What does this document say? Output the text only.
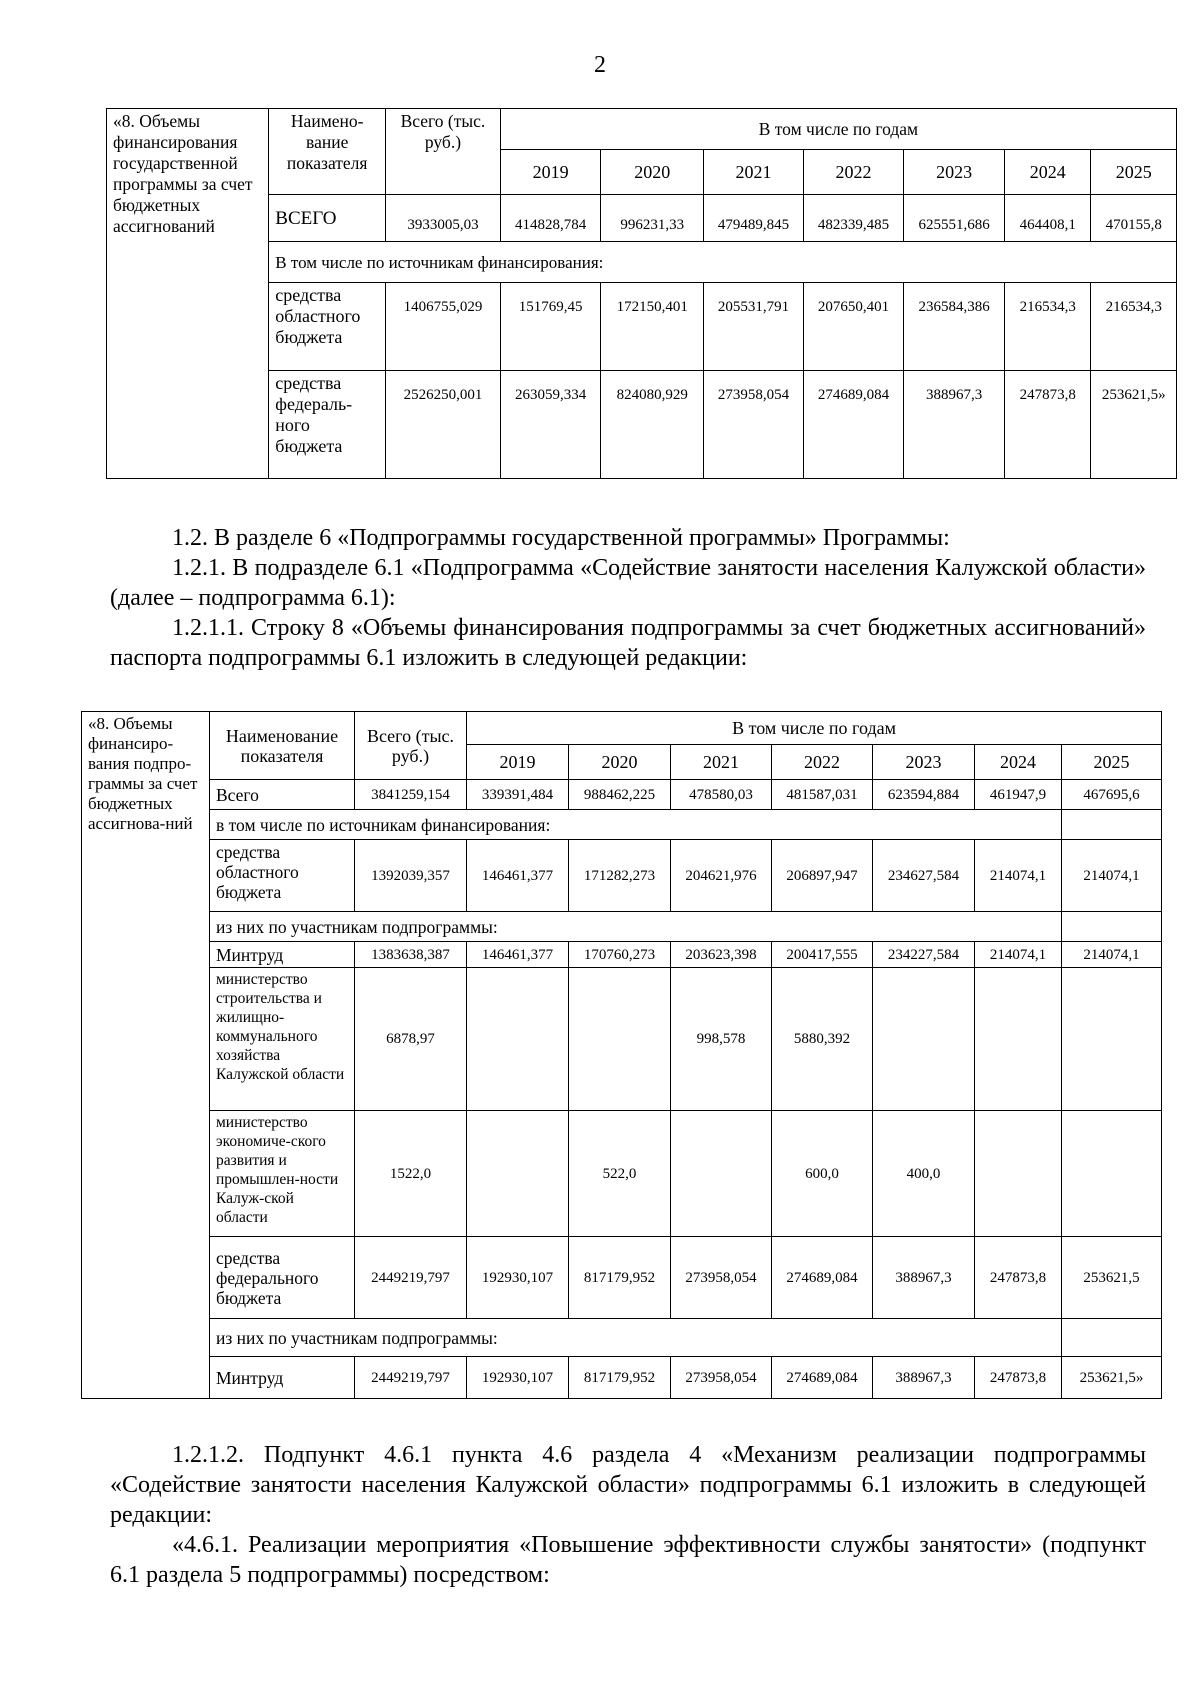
2
«8. Объемы финансирования государственной программы за счет бюджетных ассигнований	Наимено-вание показателя	Всего (тыс. руб.)	В том числе по годам						
			2019	2020	2021	2022	2023	2024	2025
	ВСЕГО	3933005,03	414828,784	996231,33	479489,845	482339,485	625551,686	464408,1	470155,8
	В том числе по источникам финансирования:								
	средства областного бюджета	1406755,029	151769,45	172150,401	205531,791	207650,401	236584,386	216534,3	216534,3
	средства федераль-ного бюджета	2526250,001	263059,334	824080,929	273958,054	274689,084	388967,3	247873,8	253621,5»
1.2. В разделе 6 «Подпрограммы государственной программы» Программы:
1.2.1. В подразделе 6.1 «Подпрограмма «Содействие занятости населения Калужской области» (далее – подпрограмма 6.1):
1.2.1.1. Строку 8 «Объемы финансирования подпрограммы за счет бюджетных ассигнований» паспорта подпрограммы 6.1 изложить в следующей редакции:
«8. Объемы финансиро-вания подпро-граммы за счет бюджетных ассигнова-ний	Наименование показателя	Всего (тыс. руб.)	В том числе по годам						
			2019	2020	2021	2022	2023	2024	2025
	Всего	3841259,154	339391,484	988462,225	478580,03	481587,031	623594,884	461947,9	467695,6
	в том числе по источникам финансирования:								
	средства областного бюджета	1392039,357	146461,377	171282,273	204621,976	206897,947	234627,584	214074,1	214074,1
	из них по участникам подпрограммы:								
	Минтруд	1383638,387	146461,377	170760,273	203623,398	200417,555	234227,584	214074,1	214074,1
	министерство строительства и жилищно-коммунального хозяйства Калужской области	6878,97			998,578	5880,392			
	министерство экономиче-ского развития и промышлен-ности Калуж-ской области	1522,0		522,0		600,0	400,0		
	средства федерального бюджета	2449219,797	192930,107	817179,952	273958,054	274689,084	388967,3	247873,8	253621,5
	из них по участникам подпрограммы:								
	Минтруд	2449219,797	192930,107	817179,952	273958,054	274689,084	388967,3	247873,8	253621,5»
1.2.1.2. Подпункт 4.6.1 пункта 4.6 раздела 4 «Механизм реализации подпрограммы «Содействие занятости населения Калужской области» подпрограммы 6.1 изложить в следующей редакции:
«4.6.1. Реализации мероприятия «Повышение эффективности службы занятости» (подпункт 6.1 раздела 5 подпрограммы) посредством:
